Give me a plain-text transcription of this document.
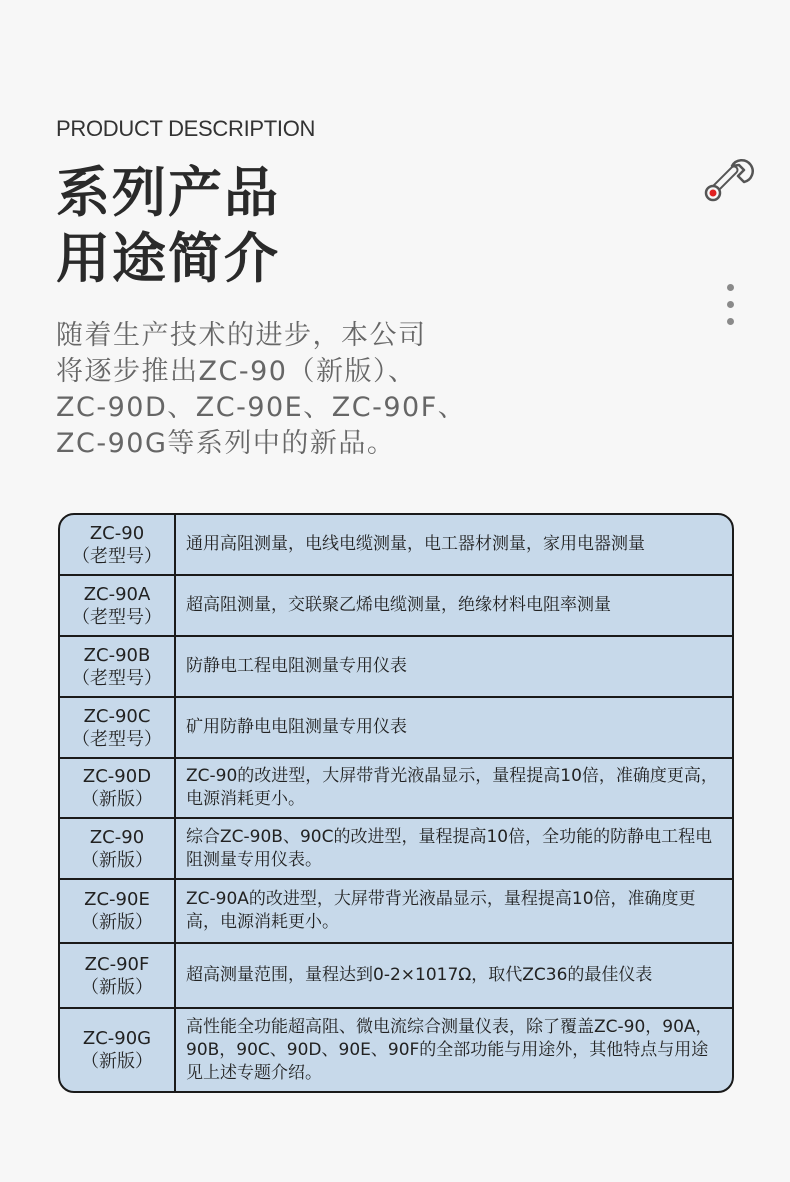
PRODUCT DESCRIPTION
系列产品
用途简介
随着生产技术的进步，本公司
将逐步推出ZC-90（新版）、
ZC-90D、ZC-90E、ZC-90F、
ZC-90G等系列中的新品。
ZC-90
（老型号）
通用高阻测量，电线电缆测量，电工器材测量，家用电器测量
ZC-90A
（老型号）
超高阻测量，交联聚乙烯电缆测量，绝缘材料电阻率测量
ZC-90B
（老型号）
防静电工程电阻测量专用仪表
ZC-90C
（老型号）
矿用防静电电阻测量专用仪表
ZC-90D
（新版）
ZC-90的改进型，大屏带背光液晶显示，量程提高10倍，准确度更高，电源消耗更小。
ZC-90
（新版）
综合ZC-90B、90C的改进型，量程提高10倍，全功能的防静电工程电阻测量专用仪表。
ZC-90E
（新版）
ZC-90A的改进型，大屏带背光液晶显示，量程提高10倍，准确度更高，电源消耗更小。
ZC-90F
（新版）
超高测量范围，量程达到0-2×1017Ω，取代ZC36的最佳仪表
ZC-90G
（新版）
高性能全功能超高阻、微电流综合测量仪表，除了覆盖ZC-90，90A，90B，90C、90D、90E、90F的全部功能与用途外，其他特点与用途见上述专题介绍。
